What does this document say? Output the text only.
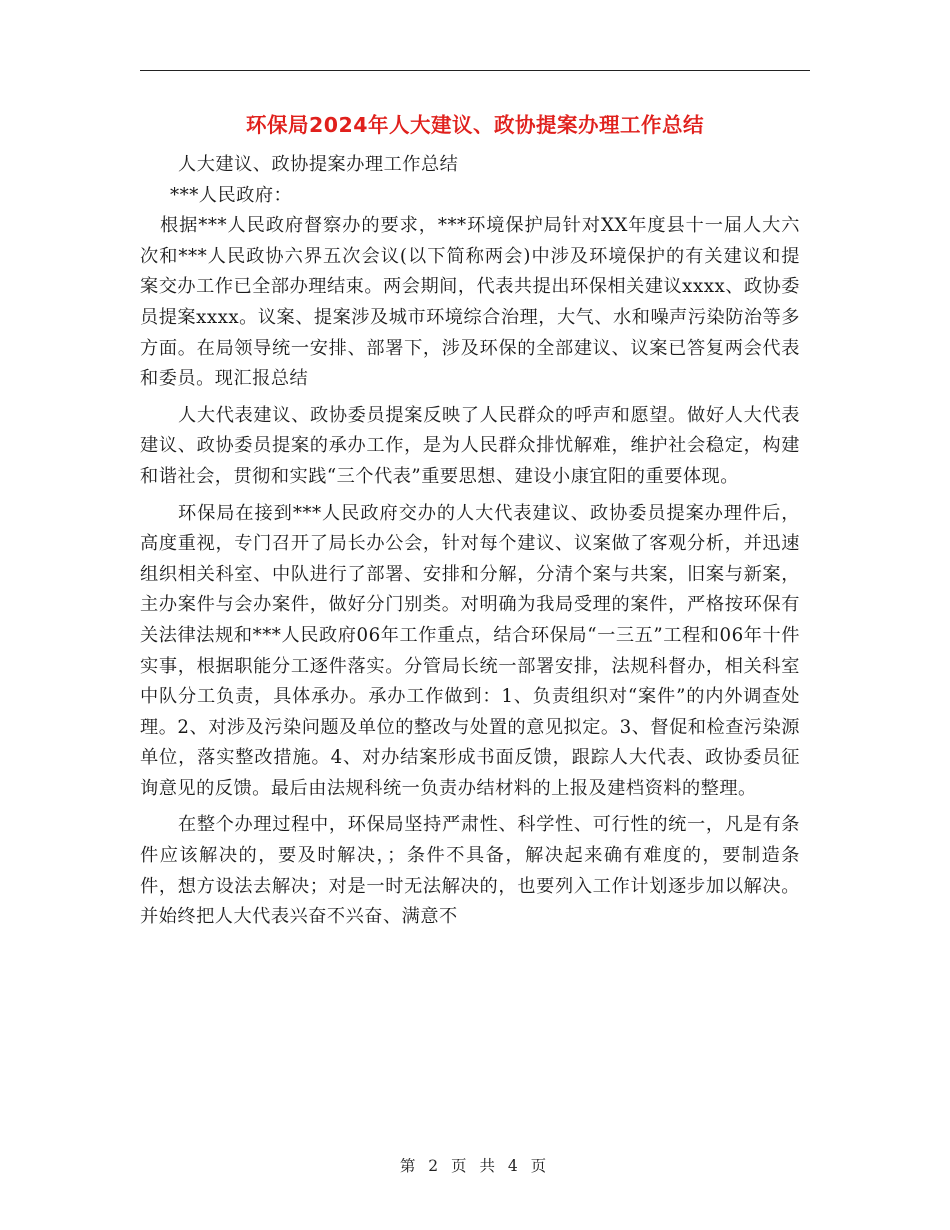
环保局2024年人大建议、政协提案办理工作总结

人大建议、政协提案办理工作总结

***人民政府：

根据***人民政府督察办的要求，***环境保护局针对XX年度县十一届人大六次和***人民政协六界五次会议(以下简称两会)中涉及环境保护的有关建议和提案交办工作已全部办理结束。两会期间，代表共提出环保相关建议xxxx、政协委员提案xxxx。议案、提案涉及城市环境综合治理，大气、水和噪声污染防治等多方面。在局领导统一安排、部署下，涉及环保的全部建议、议案已答复两会代表和委员。现汇报总结

人大代表建议、政协委员提案反映了人民群众的呼声和愿望。做好人大代表建议、政协委员提案的承办工作，是为人民群众排忧解难，维护社会稳定，构建和谐社会，贯彻和实践“三个代表”重要思想、建设小康宜阳的重要体现。

环保局在接到***人民政府交办的人大代表建议、政协委员提案办理件后，高度重视，专门召开了局长办公会，针对每个建议、议案做了客观分析，并迅速组织相关科室、中队进行了部署、安排和分解，分清个案与共案，旧案与新案，主办案件与会办案件，做好分门别类。对明确为我局受理的案件，严格按环保有关法律法规和***人民政府06年工作重点，结合环保局“一三五”工程和06年十件实事，根据职能分工逐件落实。分管局长统一部署安排，法规科督办，相关科室中队分工负责，具体承办。承办工作做到：1、负责组织对“案件”的内外调查处理。2、对涉及污染问题及单位的整改与处置的意见拟定。3、督促和检查污染源单位，落实整改措施。4、对办结案形成书面反馈，跟踪人大代表、政协委员征询意见的反馈。最后由法规科统一负责办结材料的上报及建档资料的整理。

在整个办理过程中，环保局坚持严肃性、科学性、可行性的统一，凡是有条件应该解决的，要及时解决，；条件不具备，解决起来确有难度的，要制造条件，想方设法去解决；对是一时无法解决的，也要列入工作计划逐步加以解决。并始终把人大代表兴奋不兴奋、满意不

第 2 页 共 4 页
